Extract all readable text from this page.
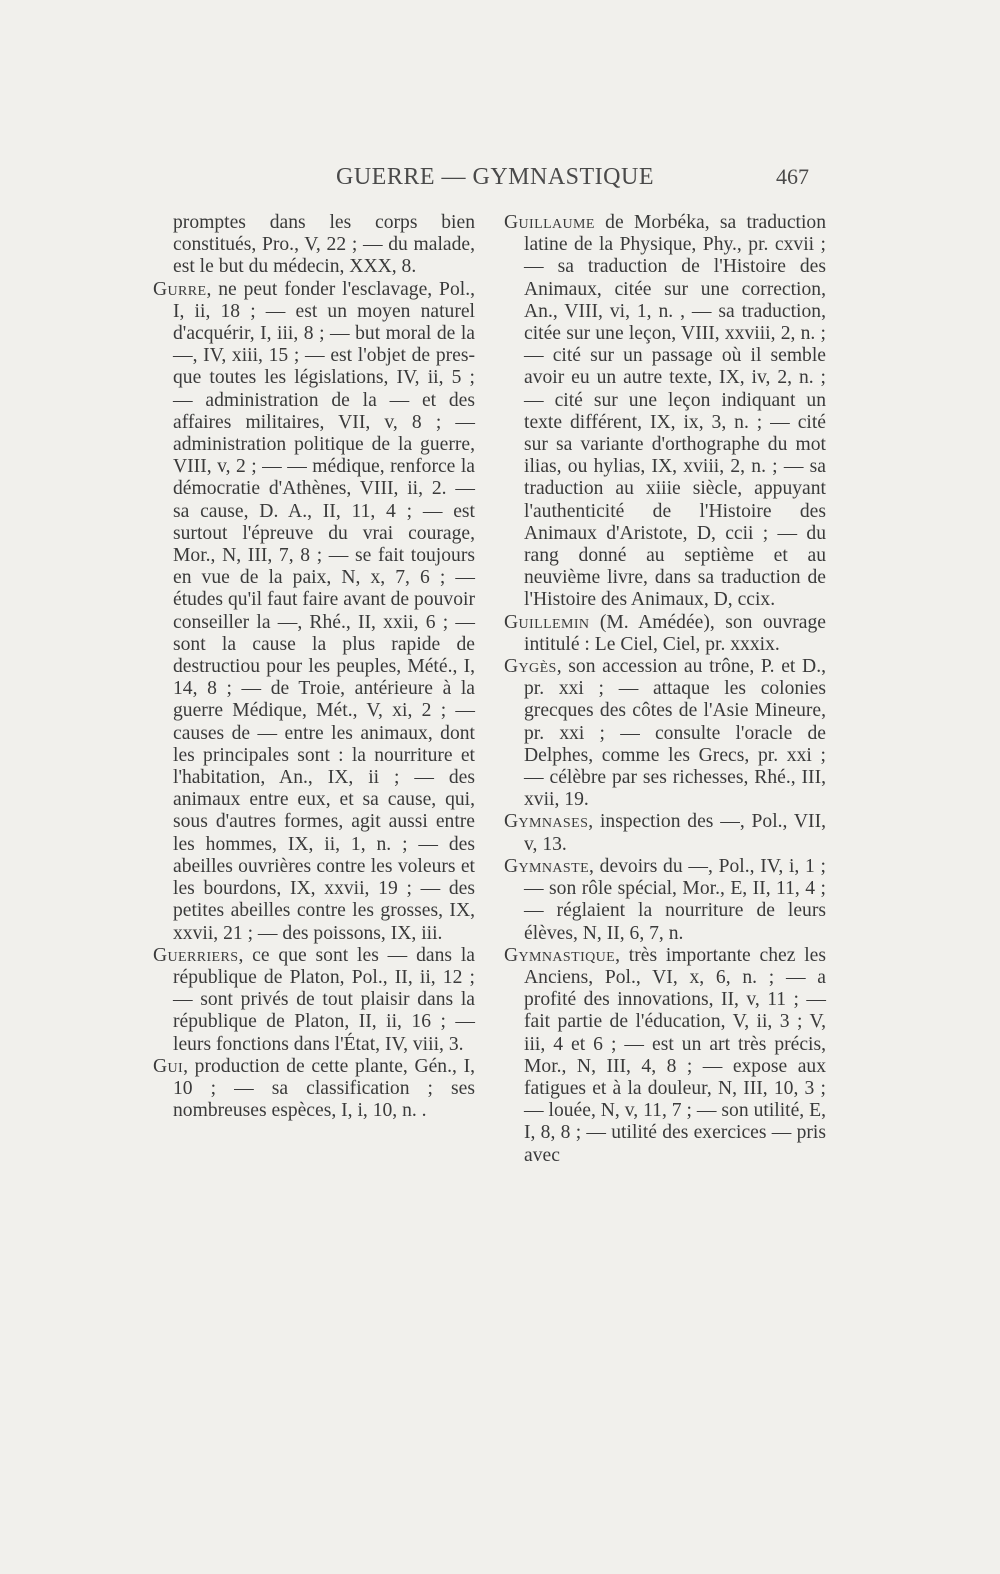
GUERRE — GYMNASTIQUE	467

promptes dans les corps bien constitués, Pro., V, 22 ; — du malade, est le but du médecin, XXX, 8.

Gurre, ne peut fonder l'esclavage, Pol., I, ii, 18 ; — est un moyen naturel d'acquérir, I, iii, 8 ; — but moral de la —, IV, xiii, 15 ; — est l'objet de presque toutes les législations, IV, ii, 5 ; — administration de la — et des affaires militaires, VII, v, 8 ; — administration politique de la guerre, VIII, v, 2 ; — — médique, renforce la démocratie d'Athènes, VIII, ii, 2. — sa cause, D. A., II, 11, 4 ; — est surtout l'épreuve du vrai courage, Mor., N, III, 7, 8 ; — se fait toujours en vue de la paix, N, x, 7, 6 ; — études qu'il faut faire avant de pouvoir conseiller la —, Rhé., II, xxii, 6 ; — sont la cause la plus rapide de destructiou pour les peuples, Mété., I, 14, 8 ; — de Troie, antérieure à la guerre Médique, Mét., V, xi, 2 ; — causes de — entre les animaux, dont les principales sont : la nourriture et l'habitation, An., IX, ii ; — des animaux entre eux, et sa cause, qui, sous d'autres formes, agit aussi entre les hommes, IX, ii, 1, n. ; — des abeilles ouvrières contre les voleurs et les bourdons, IX, xxvii, 19 ; — des petites abeilles contre les grosses, IX, xxvii, 21 ; — des poissons, IX, iii.

Guerriers, ce que sont les — dans la république de Platon, Pol., II, ii, 12 ; — sont privés de tout plaisir dans la république de Platon, II, ii, 16 ; — leurs fonctions dans l'État, IV, viii, 3.

Gui, production de cette plante, Gén., I, 10 ; — sa classification ; ses nombreuses espèces, I, i, 10, n. .

Guillaume de Morbéka, sa traduction latine de la Physique, Phy., pr. cxvii ; — sa traduction de l'Histoire des Animaux, citée sur une correction, An., VIII, vi, 1, n. , — sa traduction, citée sur une leçon, VIII, xxviii, 2, n. ; — cité sur un passage où il semble avoir eu un autre texte, IX, iv, 2, n. ; — cité sur une leçon indiquant un texte différent, IX, ix, 3, n. ; — cité sur sa variante d'orthographe du mot ilias, ou hylias, IX, xviii, 2, n. ; — sa traduction au xiiie siècle, appuyant l'authenticité de l'Histoire des Animaux d'Aristote, D, ccii ; — du rang donné au septième et au neuvième livre, dans sa traduction de l'Histoire des Animaux, D, ccix.

Guillemin (M. Amédée), son ouvrage intitulé : Le Ciel, Ciel, pr. xxxix.

Gygès, son accession au trône, P. et D., pr. xxi ; — attaque les colonies grecques des côtes de l'Asie Mineure, pr. xxi ; — consulte l'oracle de Delphes, comme les Grecs, pr. xxi ; — célèbre par ses richesses, Rhé., III, xvii, 19.

Gymnases, inspection des —, Pol., VII, v, 13.

Gymnaste, devoirs du —, Pol., IV, i, 1 ; — son rôle spécial, Mor., E, II, 11, 4 ; — réglaient la nourriture de leurs élèves, N, II, 6, 7, n.

Gymnastique, très importante chez les Anciens, Pol., VI, x, 6, n. ; — a profité des innovations, II, v, 11 ; — fait partie de l'éducation, V, ii, 3 ; V, iii, 4 et 6 ; — est un art très précis, Mor., N, III, 4, 8 ; — expose aux fatigues et à la douleur, N, III, 10, 3 ; — louée, N, v, 11, 7 ; — son utilité, E, I, 8, 8 ; — utilité des exercices — pris avec
